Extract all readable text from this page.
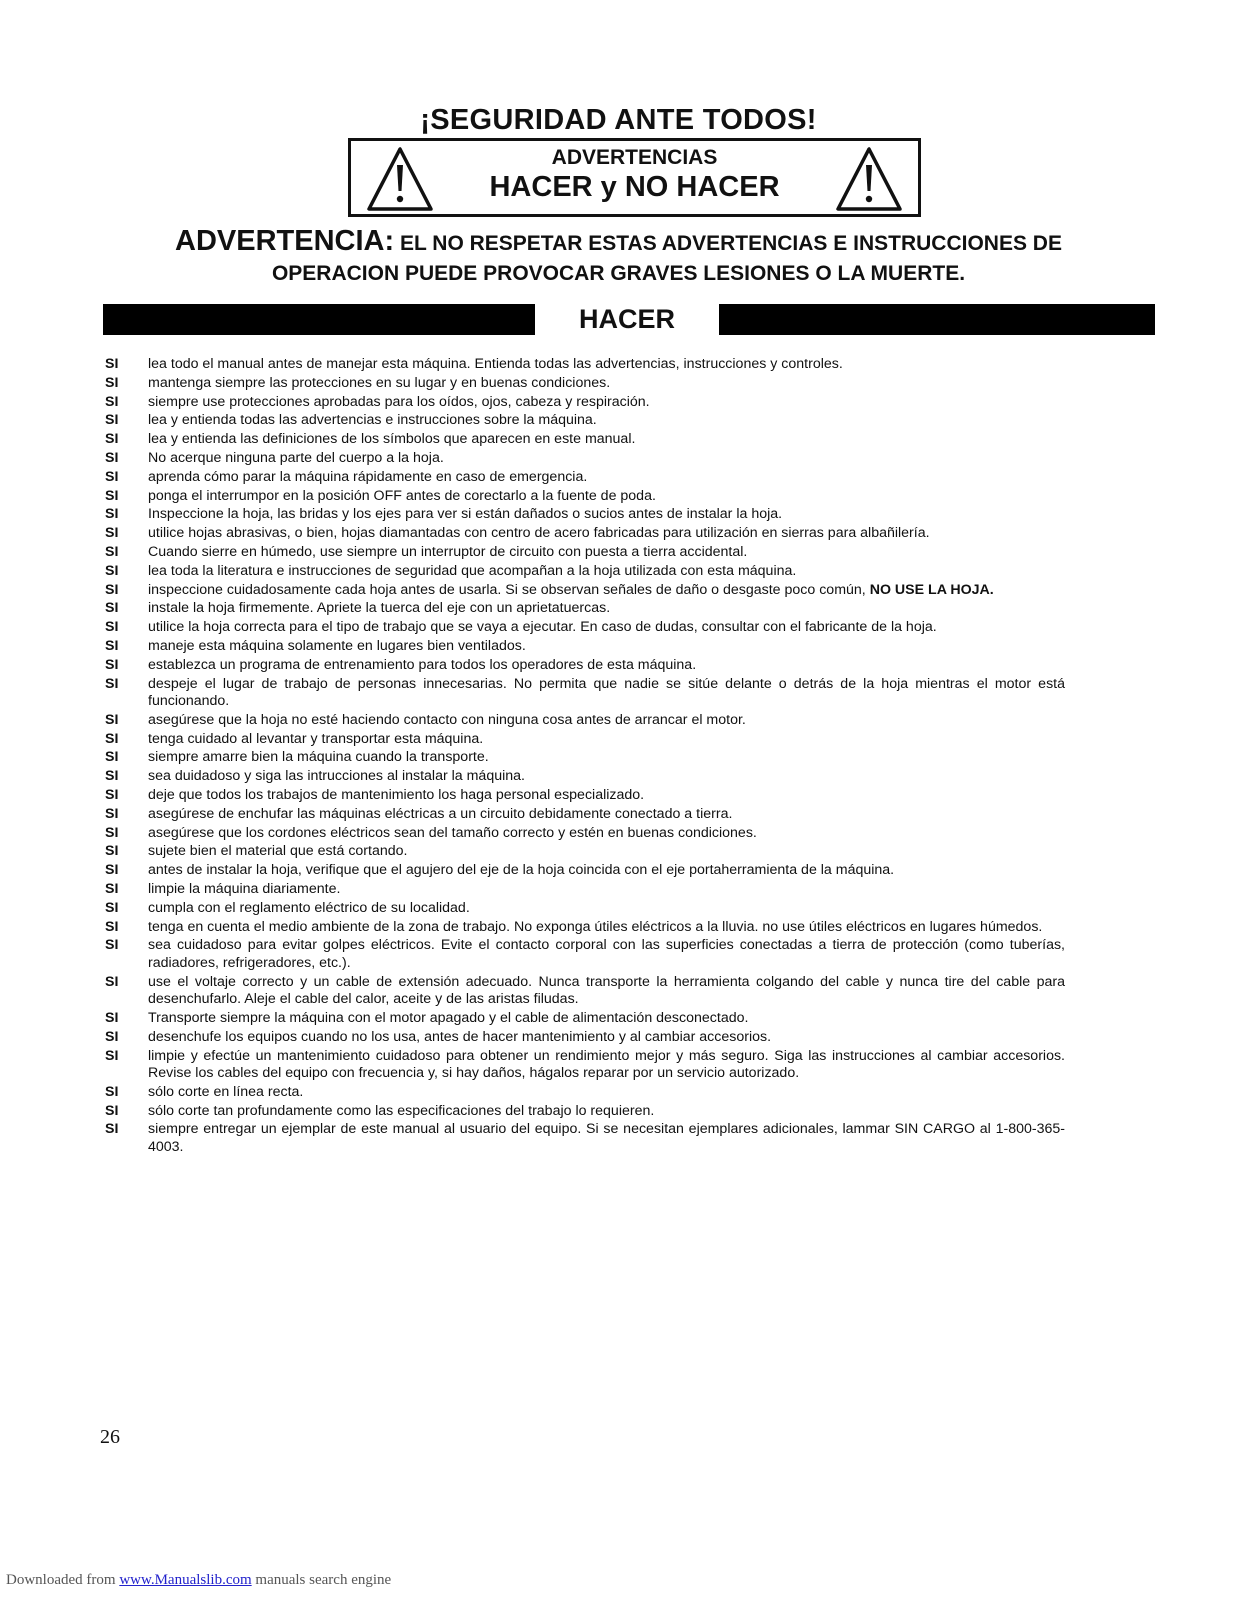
¡SEGURIDAD ANTE TODOS!
ADVERTENCIAS
HACER y NO HACER
ADVERTENCIA: EL NO RESPETAR ESTAS ADVERTENCIAS E INSTRUCCIONES DE
OPERACION PUEDE PROVOCAR GRAVES LESIONES O LA MUERTE.
HACER
SI	lea todo el manual antes de manejar esta máquina. Entienda todas las advertencias, instrucciones y controles.
SI	mantenga siempre las protecciones en su lugar y en buenas condiciones.
SI	siempre use protecciones aprobadas para los oídos, ojos, cabeza y respiración.
SI	lea y entienda todas las advertencias e instrucciones sobre la máquina.
SI	lea y entienda las definiciones de los símbolos que aparecen en este manual.
SI	No acerque ninguna parte del cuerpo a la hoja.
SI	aprenda cómo parar la máquina rápidamente en caso de emergencia.
SI	ponga el interrumpor en la posición OFF antes de corectarlo a la fuente de poda.
SI	Inspeccione la hoja, las bridas y los ejes para ver si están dañados o sucios antes de instalar la hoja.
SI	utilice hojas abrasivas, o bien, hojas diamantadas con centro de acero fabricadas para utilización en sierras para albañilería.
SI	Cuando sierre en húmedo, use siempre un interruptor de circuito con puesta a tierra accidental.
SI	lea toda la literatura e instrucciones de seguridad que acompañan a la hoja utilizada con esta máquina.
SI	inspeccione cuidadosamente cada hoja antes de usarla. Si se observan señales de daño o desgaste poco común, NO USE LA HOJA.
SI	instale la hoja firmemente. Apriete la tuerca del eje con un aprietatuercas.
SI	utilice la hoja correcta para el tipo de trabajo que se vaya a ejecutar. En caso de dudas, consultar con el fabricante de la hoja.
SI	maneje esta máquina solamente en lugares bien ventilados.
SI	establezca un programa de entrenamiento para todos los operadores de esta máquina.
SI	despeje el lugar de trabajo de personas innecesarias. No permita que nadie se sitúe delante o detrás de la hoja mientras el motor está funcionando.
SI	asegúrese que la hoja no esté haciendo contacto con ninguna cosa antes de arrancar el motor.
SI	tenga cuidado al levantar y transportar esta máquina.
SI	siempre amarre bien la máquina cuando la transporte.
SI	sea duidadoso y siga las intrucciones al instalar la máquina.
SI	deje que todos los trabajos de mantenimiento los haga personal especializado.
SI	asegúrese de enchufar las máquinas eléctricas a un circuito debidamente conectado a tierra.
SI	asegúrese que los cordones eléctricos sean del tamaño correcto y estén en buenas condiciones.
SI	sujete bien el material que está cortando.
SI	antes de instalar la hoja, verifique que el agujero del eje de la hoja coincida con el eje portaherramienta de la máquina.
SI	limpie la máquina diariamente.
SI	cumpla con el reglamento eléctrico de su localidad.
SI	tenga en cuenta el medio ambiente de la zona de trabajo. No exponga útiles eléctricos a la lluvia. no use útiles eléctricos en lugares húmedos.
SI	sea cuidadoso para evitar golpes eléctricos. Evite el contacto corporal con las superficies conectadas a tierra de protección (como tuberías, radiadores, refrigeradores, etc.).
SI	use el voltaje correcto y un cable de extensión adecuado. Nunca transporte la herramienta colgando del cable y nunca tire del cable para desenchufarlo. Aleje el cable del calor, aceite y de las aristas filudas.
SI	Transporte siempre la máquina con el motor apagado y el cable de alimentación desconectado.
SI	desenchufe los equipos cuando no los usa, antes de hacer mantenimiento y al cambiar accesorios.
SI	limpie y efectúe un mantenimiento cuidadoso para obtener un rendimiento mejor y más seguro. Siga las instrucciones al cambiar accesorios. Revise los cables del equipo con frecuencia y, si hay daños, hágalos reparar por un servicio autorizado.
SI	sólo corte en línea recta.
SI	sólo corte tan profundamente como las especificaciones del trabajo lo requieren.
SI	siempre entregar un ejemplar de este manual al usuario del equipo. Si se necesitan ejemplares adicionales, lammar SIN CARGO al 1-800-365-4003.
26
Downloaded from www.Manualslib.com manuals search engine
